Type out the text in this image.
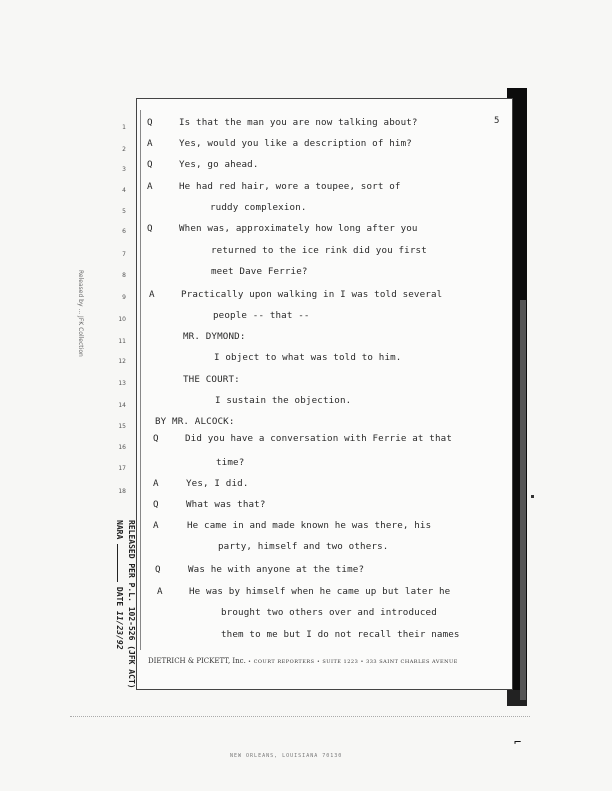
5
1
2
3
4
5
6
7
8
9
10
11
12
13
14
15
16
17
18
Q
A
Q
A
Q
A
Q
A
Q
A
Q
A
Is that the man you are now talking about?
Yes, would you like a description of him?
Yes, go ahead.
He had red hair, wore a toupee, sort of
ruddy complexion.
When was, approximately how long after you
returned to the ice rink did you first
meet Dave Ferrie?
Practically upon walking in I was told several
people -- that --
MR. DYMOND:
I object to what was told to him.
THE COURT:
I sustain the objection.
BY MR. ALCOCK:
Did you have a conversation with Ferrie at that
time?
Yes, I did.
What was that?
He came in and made known he was there, his
party, himself and two others.
Was he with anyone at the time?
He was by himself when he came up but later he
brought two others over and introduced
them to me but I do not recall their names
DIETRICH & PICKETT, Inc. • COURT REPORTERS • SUITE 1223 • 333 SAINT CHARLES AVENUE
RELEASED PER P.L. 102-526 (JFK ACT)
NARA  DATE 11/23/92
Released by ... JFK Collection
NEW ORLEANS, LOUISIANA 70130
⌐
